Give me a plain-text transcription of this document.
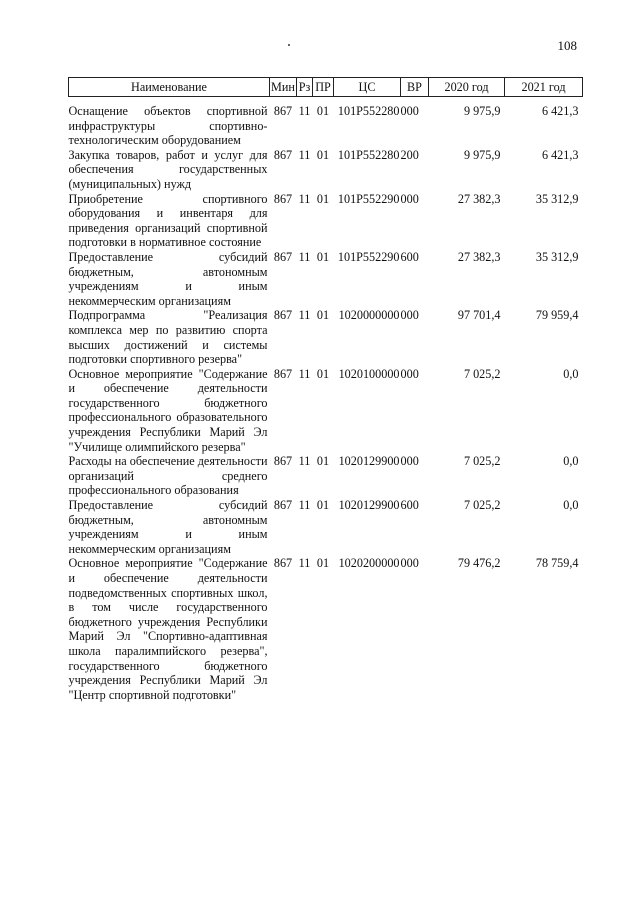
108
Наименование	Мин	Рз	ПР	ЦС	ВР	2020 год	2021 год
Оснащение объектов спортивной инфраструктуры спортивно-технологическим оборудованием	867	11	01	101P552280	000	9 975,9	6 421,3
Закупка товаров, работ и услуг для обеспечения государственных (муниципальных) нужд	867	11	01	101P552280	200	9 975,9	6 421,3
Приобретение спортивного оборудования и инвентаря для приведения организаций спортивной подготовки в нормативное состояние	867	11	01	101P552290	000	27 382,3	35 312,9
Предоставление субсидий бюджетным, автономным учреждениям и иным некоммерческим организациям	867	11	01	101P552290	600	27 382,3	35 312,9
Подпрограмма "Реализация комплекса мер по развитию спорта высших достижений и системы подготовки спортивного резерва"	867	11	01	1020000000	000	97 701,4	79 959,4
Основное мероприятие "Содержание и обеспечение деятельности государственного бюджетного профессионального образовательного учреждения Республики Марий Эл "Училище олимпийского резерва"	867	11	01	1020100000	000	7 025,2	0,0
Расходы на обеспечение деятельности организаций среднего профессионального образования	867	11	01	1020129900	000	7 025,2	0,0
Предоставление субсидий бюджетным, автономным учреждениям и иным некоммерческим организациям	867	11	01	1020129900	600	7 025,2	0,0
Основное мероприятие "Содержание и обеспечение деятельности подведомственных спортивных школ, в том числе государственного бюджетного учреждения Республики Марий Эл "Спортивно-адаптивная школа паралимпийского резерва", государственного бюджетного учреждения Республики Марий Эл "Центр спортивной подготовки"	867	11	01	1020200000	000	79 476,2	78 759,4
